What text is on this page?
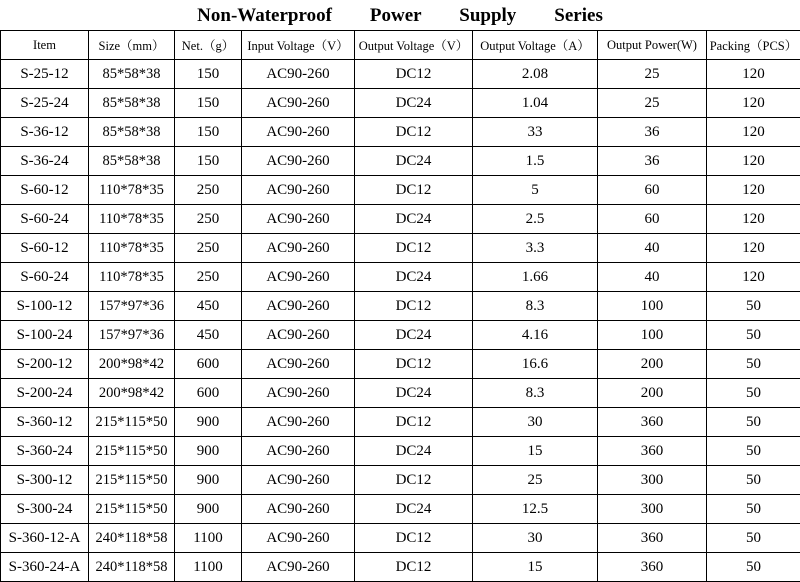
Non-Waterproof        Power        Supply        Series
Item	Size（mm）	Net.（g）	Input Voltage（V）	Output Voltage（V）	Output Voltage（A）	Output Power(W)	Packing（PCS）
S-25-12	85*58*38	150	AC90-260	DC12	2.08	25	120
S-25-24	85*58*38	150	AC90-260	DC24	1.04	25	120
S-36-12	85*58*38	150	AC90-260	DC12	33	36	120
S-36-24	85*58*38	150	AC90-260	DC24	1.5	36	120
S-60-12	110*78*35	250	AC90-260	DC12	5	60	120
S-60-24	110*78*35	250	AC90-260	DC24	2.5	60	120
S-60-12	110*78*35	250	AC90-260	DC12	3.3	40	120
S-60-24	110*78*35	250	AC90-260	DC24	1.66	40	120
S-100-12	157*97*36	450	AC90-260	DC12	8.3	100	50
S-100-24	157*97*36	450	AC90-260	DC24	4.16	100	50
S-200-12	200*98*42	600	AC90-260	DC12	16.6	200	50
S-200-24	200*98*42	600	AC90-260	DC24	8.3	200	50
S-360-12	215*115*50	900	AC90-260	DC12	30	360	50
S-360-24	215*115*50	900	AC90-260	DC24	15	360	50
S-300-12	215*115*50	900	AC90-260	DC12	25	300	50
S-300-24	215*115*50	900	AC90-260	DC24	12.5	300	50
S-360-12-A	240*118*58	1100	AC90-260	DC12	30	360	50
S-360-24-A	240*118*58	1100	AC90-260	DC12	15	360	50
